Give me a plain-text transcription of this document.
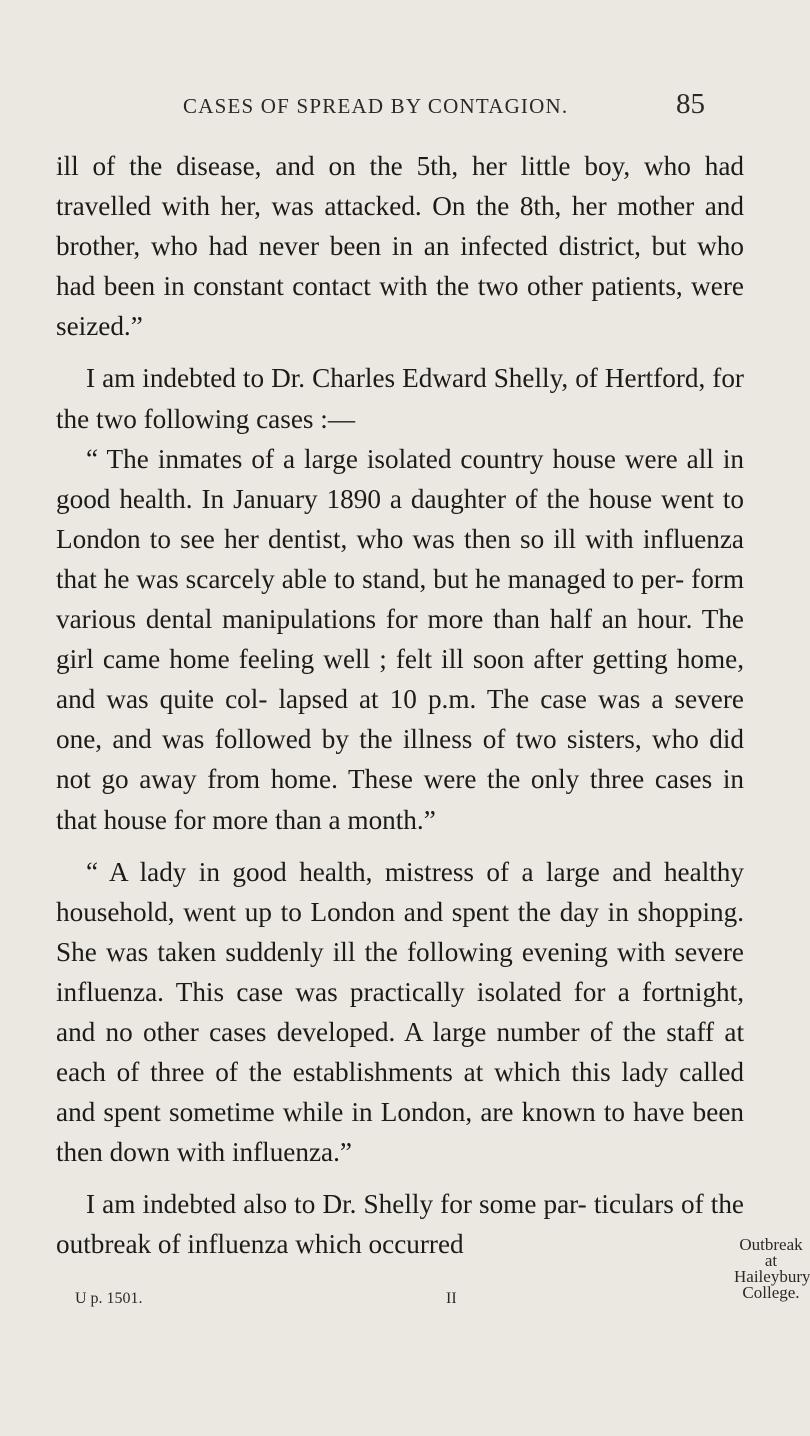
CASES OF SPREAD BY CONTAGION.	85

ill of the disease, and on the 5th, her little boy, who had travelled with her, was attacked. On the 8th, her mother and brother, who had never been in an infected district, but who had been in constant contact with the two other patients, were seized.”

I am indebted to Dr. Charles Edward Shelly, of Hertford, for the two following cases :—

“ The inmates of a large isolated country house were all in good health. In January 1890 a daughter of the house went to London to see her dentist, who was then so ill with influenza that he was scarcely able to stand, but he managed to per- form various dental manipulations for more than half an hour. The girl came home feeling well ; felt ill soon after getting home, and was quite col- lapsed at 10 p.m. The case was a severe one, and was followed by the illness of two sisters, who did not go away from home. These were the only three cases in that house for more than a month.”

“ A lady in good health, mistress of a large and healthy household, went up to London and spent the day in shopping. She was taken suddenly ill the following evening with severe influenza. This case was practically isolated for a fortnight, and no other cases developed. A large number of the staff at each of three of the establishments at which this lady called and spent sometime while in London, are known to have been then down with influenza.”

I am indebted also to Dr. Shelly for some par- ticulars of the outbreak of influenza which occurred	Outbreak at
Haileybury
College.
U p. 1501.	II
